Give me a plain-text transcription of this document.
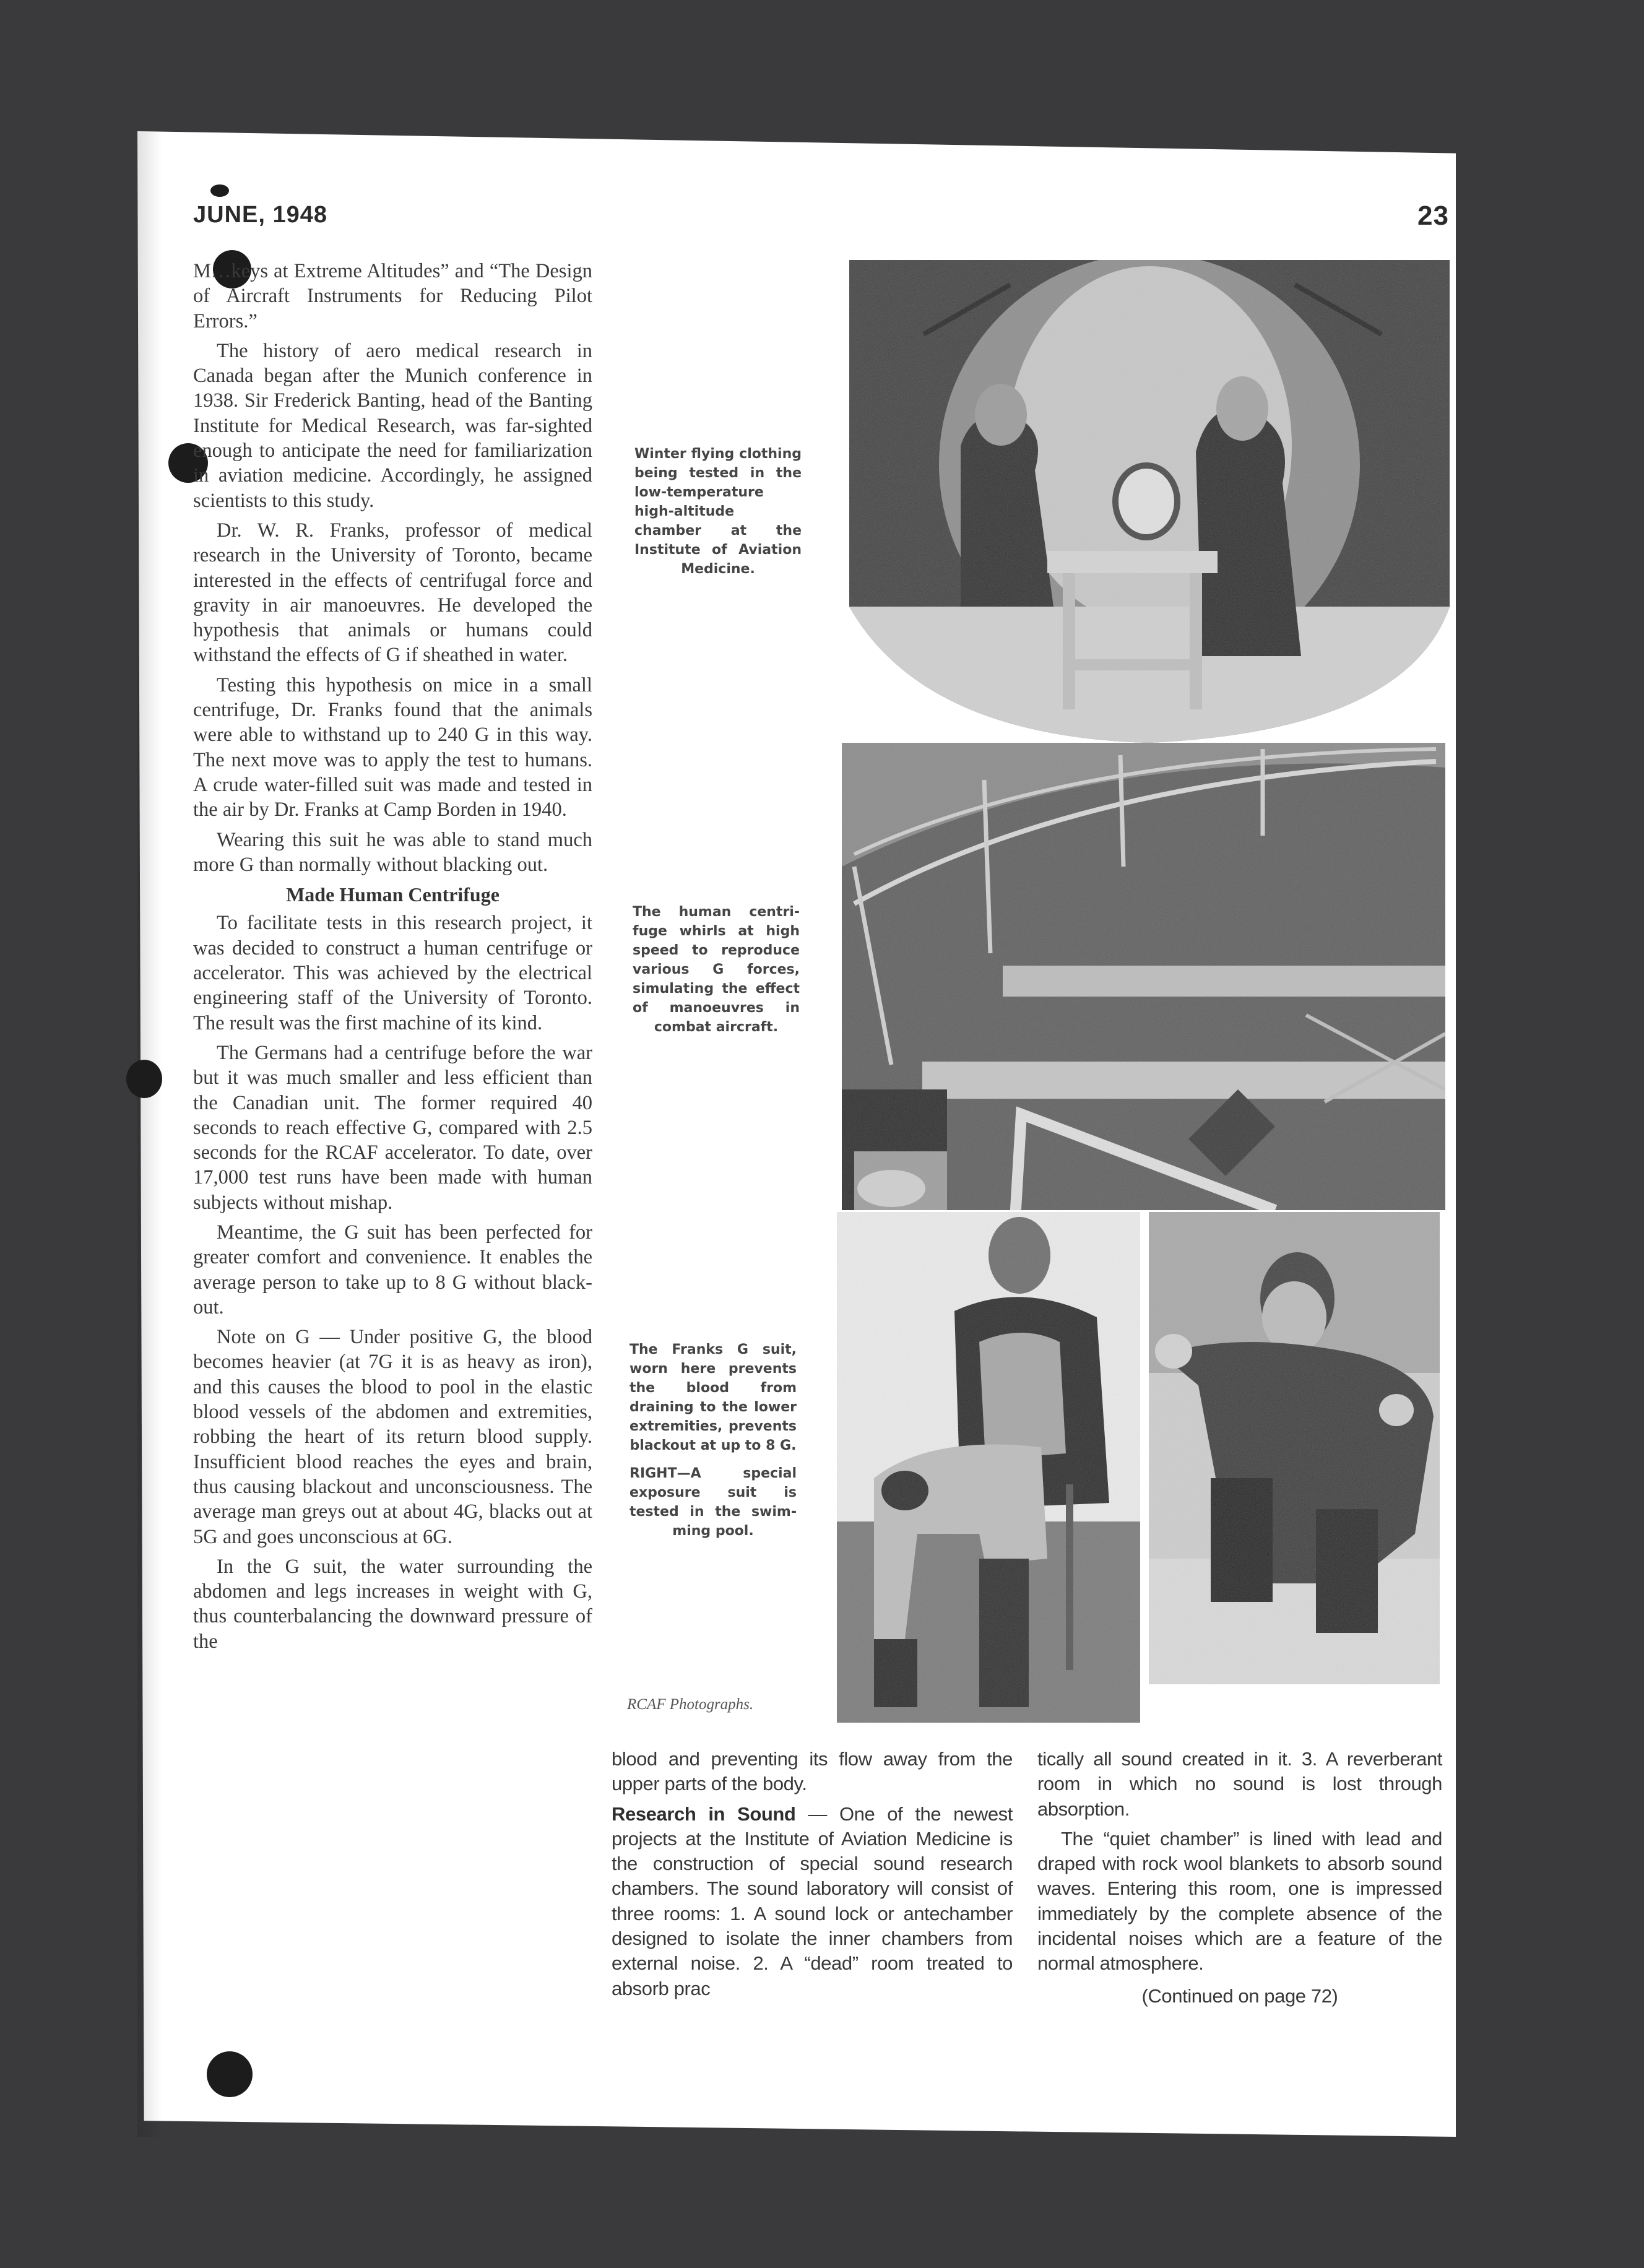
JUNE, 1948	23

M…keys at Extreme Altitudes” and “The Design of Aircraft Instruments for Reducing Pilot Errors.”

The history of aero medical research in Canada began after the Munich conference in 1938. Sir Frederick Banting, head of the Banting Institute for Medical Research, was far-sighted enough to anticipate the need for familiarization in aviation medicine. Accordingly, he assigned scientists to this study.

Dr. W. R. Franks, professor of medical research in the University of Toronto, became interested in the effects of centrifugal force and gravity in air manoeuvres. He developed the hypothesis that animals or humans could withstand the effects of G if sheathed in water.

Testing this hypothesis on mice in a small centrifuge, Dr. Franks found that the animals were able to withstand up to 240 G in this way. The next move was to apply the test to humans. A crude water-filled suit was made and tested in the air by Dr. Franks at Camp Borden in 1940.

Wearing this suit he was able to stand much more G than normally without blacking out.

Made Human Centrifuge

To facilitate tests in this research project, it was decided to construct a human centrifuge or accelerator. This was achieved by the electrical engineering staff of the University of Toronto. The result was the first machine of its kind.

The Germans had a centrifuge before the war but it was much smaller and less efficient than the Canadian unit. The former required 40 seconds to reach effective G, compared with 2.5 seconds for the RCAF accelerator. To date, over 17,000 test runs have been made with human subjects without mishap.

Meantime, the G suit has been perfected for greater comfort and convenience. It enables the average person to take up to 8 G without blackout.

Note on G — Under positive G, the blood becomes heavier (at 7G it is as heavy as iron), and this causes the blood to pool in the elastic blood vessels of the abdomen and extremities, robbing the heart of its return blood supply. Insufficient blood reaches the eyes and brain, thus causing blackout and unconsciousness. The average man greys out at about 4G, blacks out at 5G and goes unconscious at 6G.

In the G suit, the water surrounding the abdomen and legs increases in weight with G, thus counterbalancing the downward pressure of the

blood and preventing its flow away from the upper parts of the body.

Research in Sound — One of the newest projects at the Institute of Aviation Medicine is the construction of special sound research chambers. The sound laboratory will consist of three rooms: 1. A sound lock or antechamber designed to isolate the inner chambers from external noise. 2. A “dead” room treated to absorb prac

tically all sound created in it. 3. A reverberant room in which no sound is lost through absorption.

The “quiet chamber” is lined with lead and draped with rock wool blankets to absorb sound waves. Entering this room, one is impressed immediately by the complete absence of the incidental noises which are a feature of the normal atmosphere.

(Continued on page 72)

Winter flying clothing being tested in the low-temperature high-altitude chamber at the Institute of Aviation Medicine.

The human centrifuge whirls at high speed to reproduce various G forces, simulating the effect of manoeuvres in combat aircraft.

The Franks G suit, worn here prevents the blood from draining to the lower extremities, prevents blackout at up to 8 G.

RIGHT—A special exposure suit is tested in the swimming pool.

RCAF Photographs.
